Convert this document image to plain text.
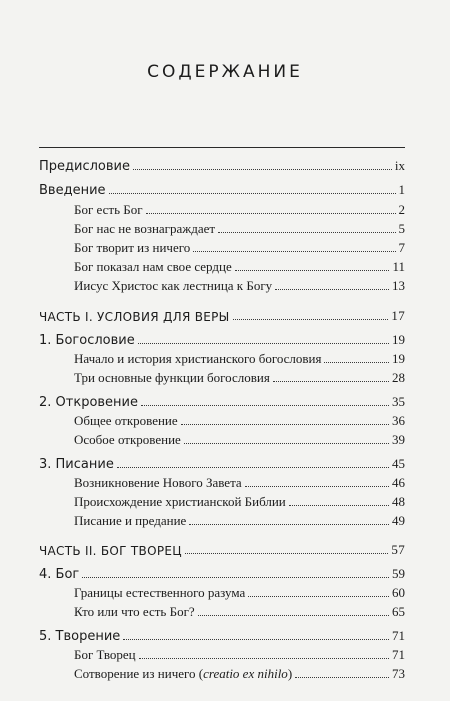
СОДЕРЖАНИЕ
Предисловие	ix
Введение	1
Бог есть Бог	2
Бог нас не вознаграждает	5
Бог творит из ничего	7
Бог показал нам свое сердце	11
Иисус Христос как лестница к Богу	13
ЧАСТЬ I. УСЛОВИЯ ДЛЯ ВЕРЫ	17
1. Богословие	19
Начало и история христианского богословия	19
Три основные функции богословия	28
2. Откровение	35
Общее откровение	36
Особое откровение	39
3. Писание	45
Возникновение Нового Завета	46
Происхождение христианской Библии	48
Писание и предание	49
ЧАСТЬ II. БОГ ТВОРЕЦ	57
4. Бог	59
Границы естественного разума	60
Кто или что есть Бог?	65
5. Творение	71
Бог Творец	71
Сотворение из ничего (creatio ex nihilo)	73
